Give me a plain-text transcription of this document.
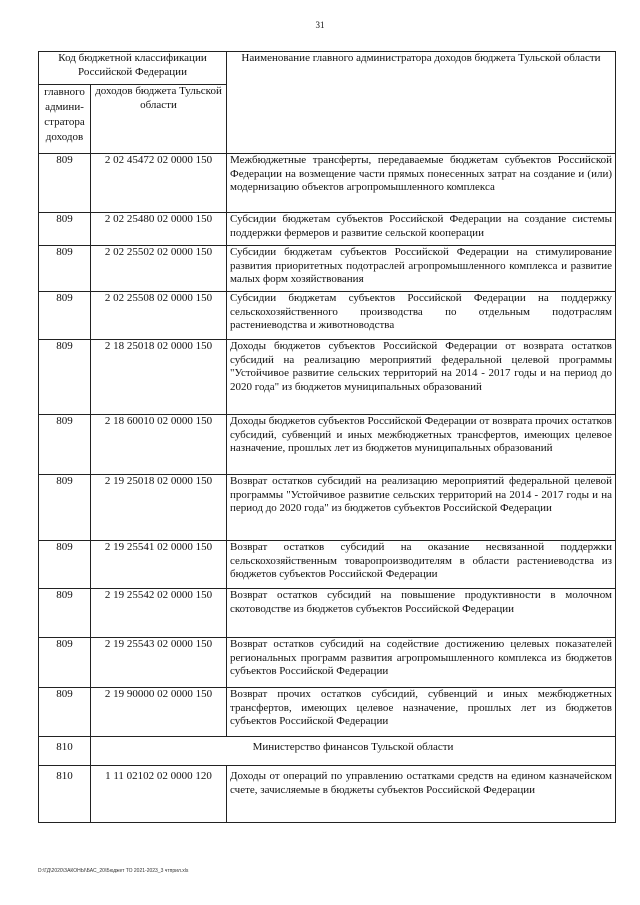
31
Код бюджетной классификации Российской Федерации		Наименование главного администратора доходов бюджета Тульской области
главного админи-стратора доходов	доходов бюджета Тульской области	
809	2 02 45472 02 0000 150	Межбюджетные трансферты, передаваемые бюджетам субъектов Российской Федерации на возмещение части прямых понесенных затрат на создание и (или) модернизацию объектов агропромышленного комплекса
809	2 02 25480 02 0000 150	Субсидии бюджетам субъектов Российской Федерации на создание системы поддержки фермеров и развитие сельской кооперации
809	2 02 25502 02 0000 150	Субсидии бюджетам субъектов Российской Федерации на стимулирование развития приоритетных подотраслей агропромышленного комплекса и развитие малых форм хозяйствования
809	2 02 25508 02 0000 150	Субсидии бюджетам субъектов Российской Федерации на поддержку сельскохозяйственного производства по отдельным подотраслям растениеводства и животноводства
809	2 18 25018 02 0000 150	Доходы бюджетов субъектов Российской Федерации от возврата остатков субсидий на реализацию мероприятий федеральной целевой программы "Устойчивое развитие сельских территорий на 2014 - 2017 годы и на период до 2020 года" из бюджетов муниципальных образований
809	2 18 60010 02 0000 150	Доходы бюджетов субъектов Российской Федерации от возврата прочих остатков субсидий, субвенций и иных межбюджетных трансфертов, имеющих целевое назначение, прошлых лет из бюджетов муниципальных образований
809	2 19 25018 02 0000 150	Возврат остатков субсидий на реализацию мероприятий федеральной целевой программы "Устойчивое развитие сельских территорий на 2014 - 2017 годы и на период до 2020 года" из бюджетов субъектов Российской Федерации
809	2 19 25541 02 0000 150	Возврат остатков субсидий на оказание несвязанной поддержки сельскохозяйственным товаропроизводителям в области растениеводства из бюджетов субъектов Российской Федерации
809	2 19 25542 02 0000 150	Возврат остатков субсидий на повышение продуктивности в молочном скотоводстве из бюджетов субъектов Российской Федерации
809	2 19 25543 02 0000 150	Возврат остатков субсидий на содействие достижению целевых показателей региональных программ развития агропромышленного комплекса из бюджетов субъектов Российской Федерации
809	2 19 90000 02 0000 150	Возврат прочих остатков субсидий, субвенций и иных межбюджетных трансфертов, имеющих целевое назначение, прошлых лет из бюджетов субъектов Российской Федерации
810	Министерство финансов Тульской области	
810	1 11 02102 02 0000 120	Доходы от операций по управлению остатками средств на едином казначейском счете, зачисляемые в бюджеты субъектов Российской Федерации
D:\ГД\2020\ЗАКОНЫ\БАС_20\Бюджет ТО 2021-2023_3 чтприл.xls
